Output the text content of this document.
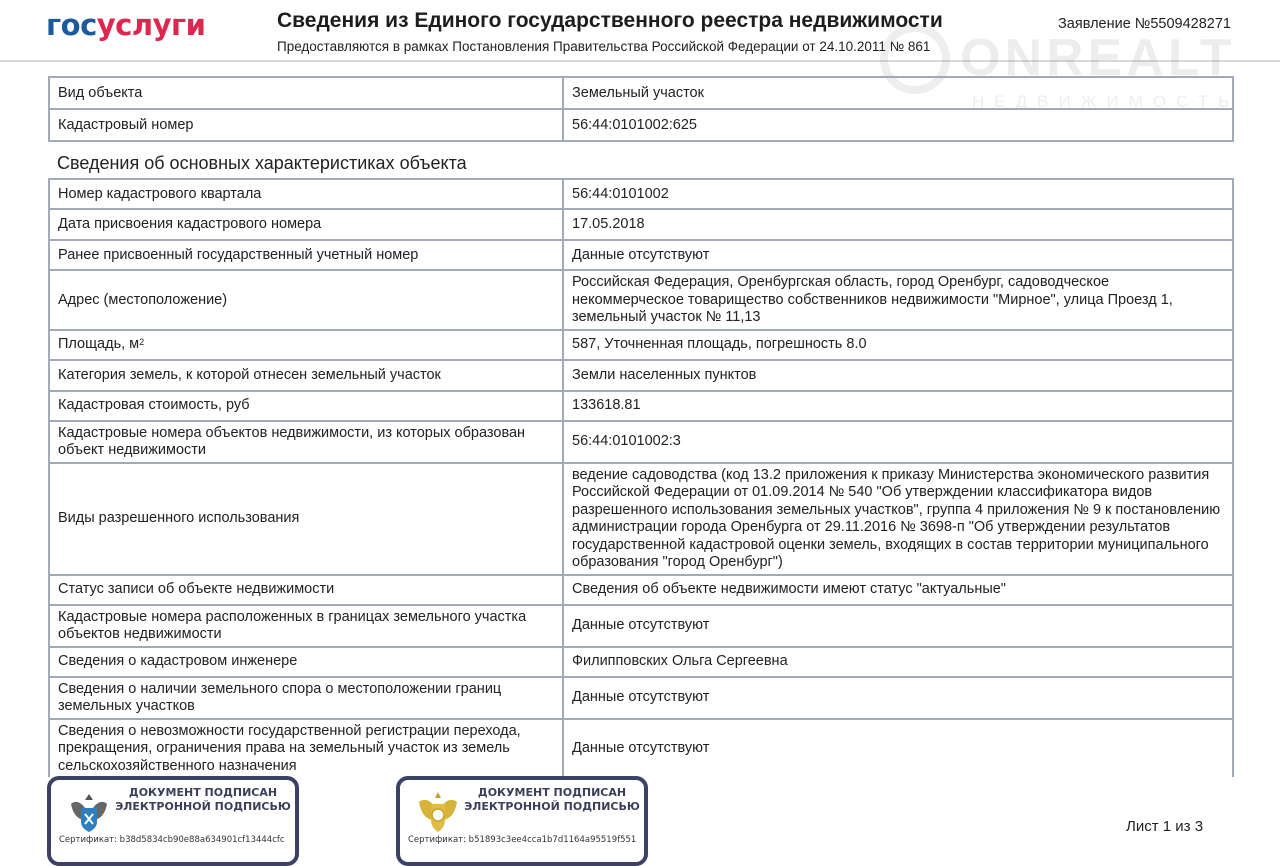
госуслуги	Сведения из Единого государственного реестра недвижимости
Предоставляются в рамках Постановления Правительства Российской Федерации от 24.10.2011 № 861
Заявление №5509428271
ONREALT
НЕДВИЖИМОСТЬ
Вид объекта	Земельный участок
Кадастровый номер	56:44:0101002:625
Сведения об основных характеристиках объекта
Номер кадастрового квартала	56:44:0101002
Дата присвоения кадастрового номера	17.05.2018
Ранее присвоенный государственный учетный номер	Данные отсутствуют
Адрес (местоположение)	Российская Федерация, Оренбургская область, город Оренбург, садоводческое некоммерческое товарищество собственников недвижимости "Мирное", улица Проезд 1, земельный участок № 11,13
Площадь, $м^2$	587, Уточненная площадь, погрешность 8.0
Категория земель, к которой отнесен земельный участок	Земли населенных пунктов
Кадастровая стоимость, руб	133618.81
Кадастровые номера объектов недвижимости, из которых образован объект недвижимости	56:44:0101002:3
Виды разрешенного использования	ведение садоводства (код 13.2 приложения к приказу Министерства экономического развития Российской Федерации от 01.09.2014 № 540 "Об утверждении классификатора видов разрешенного использования земельных участков", группа 4 приложения № 9 к постановлению администрации города Оренбурга от 29.11.2016 № 3698-п "Об утверждении результатов государственной кадастровой оценки земель, входящих в состав территории муниципального образования "город Оренбург")
Статус записи об объекте недвижимости	Сведения об объекте недвижимости имеют статус "актуальные"
Кадастровые номера расположенных в границах земельного участка объектов недвижимости	Данные отсутствуют
Сведения о кадастровом инженере	Филипповских Ольга Сергеевна
Сведения о наличии земельного спора о местоположении границ земельных участков	Данные отсутствуют
Сведения о невозможности государственной регистрации перехода, прекращения, ограничения права на земельный участок из земель сельскохозяйственного назначения	Данные отсутствуют
ДОКУМЕНТ ПОДПИСАН ЭЛЕКТРОННОЙ ПОДПИСЬЮ
Сертификат: b38d5834cb90e88a634901cf13444cfc
ДОКУМЕНТ ПОДПИСАН ЭЛЕКТРОННОЙ ПОДПИСЬЮ
Сертификат: b51893c3ee4cca1b7d1164a95519f551
Лист 1 из 3
